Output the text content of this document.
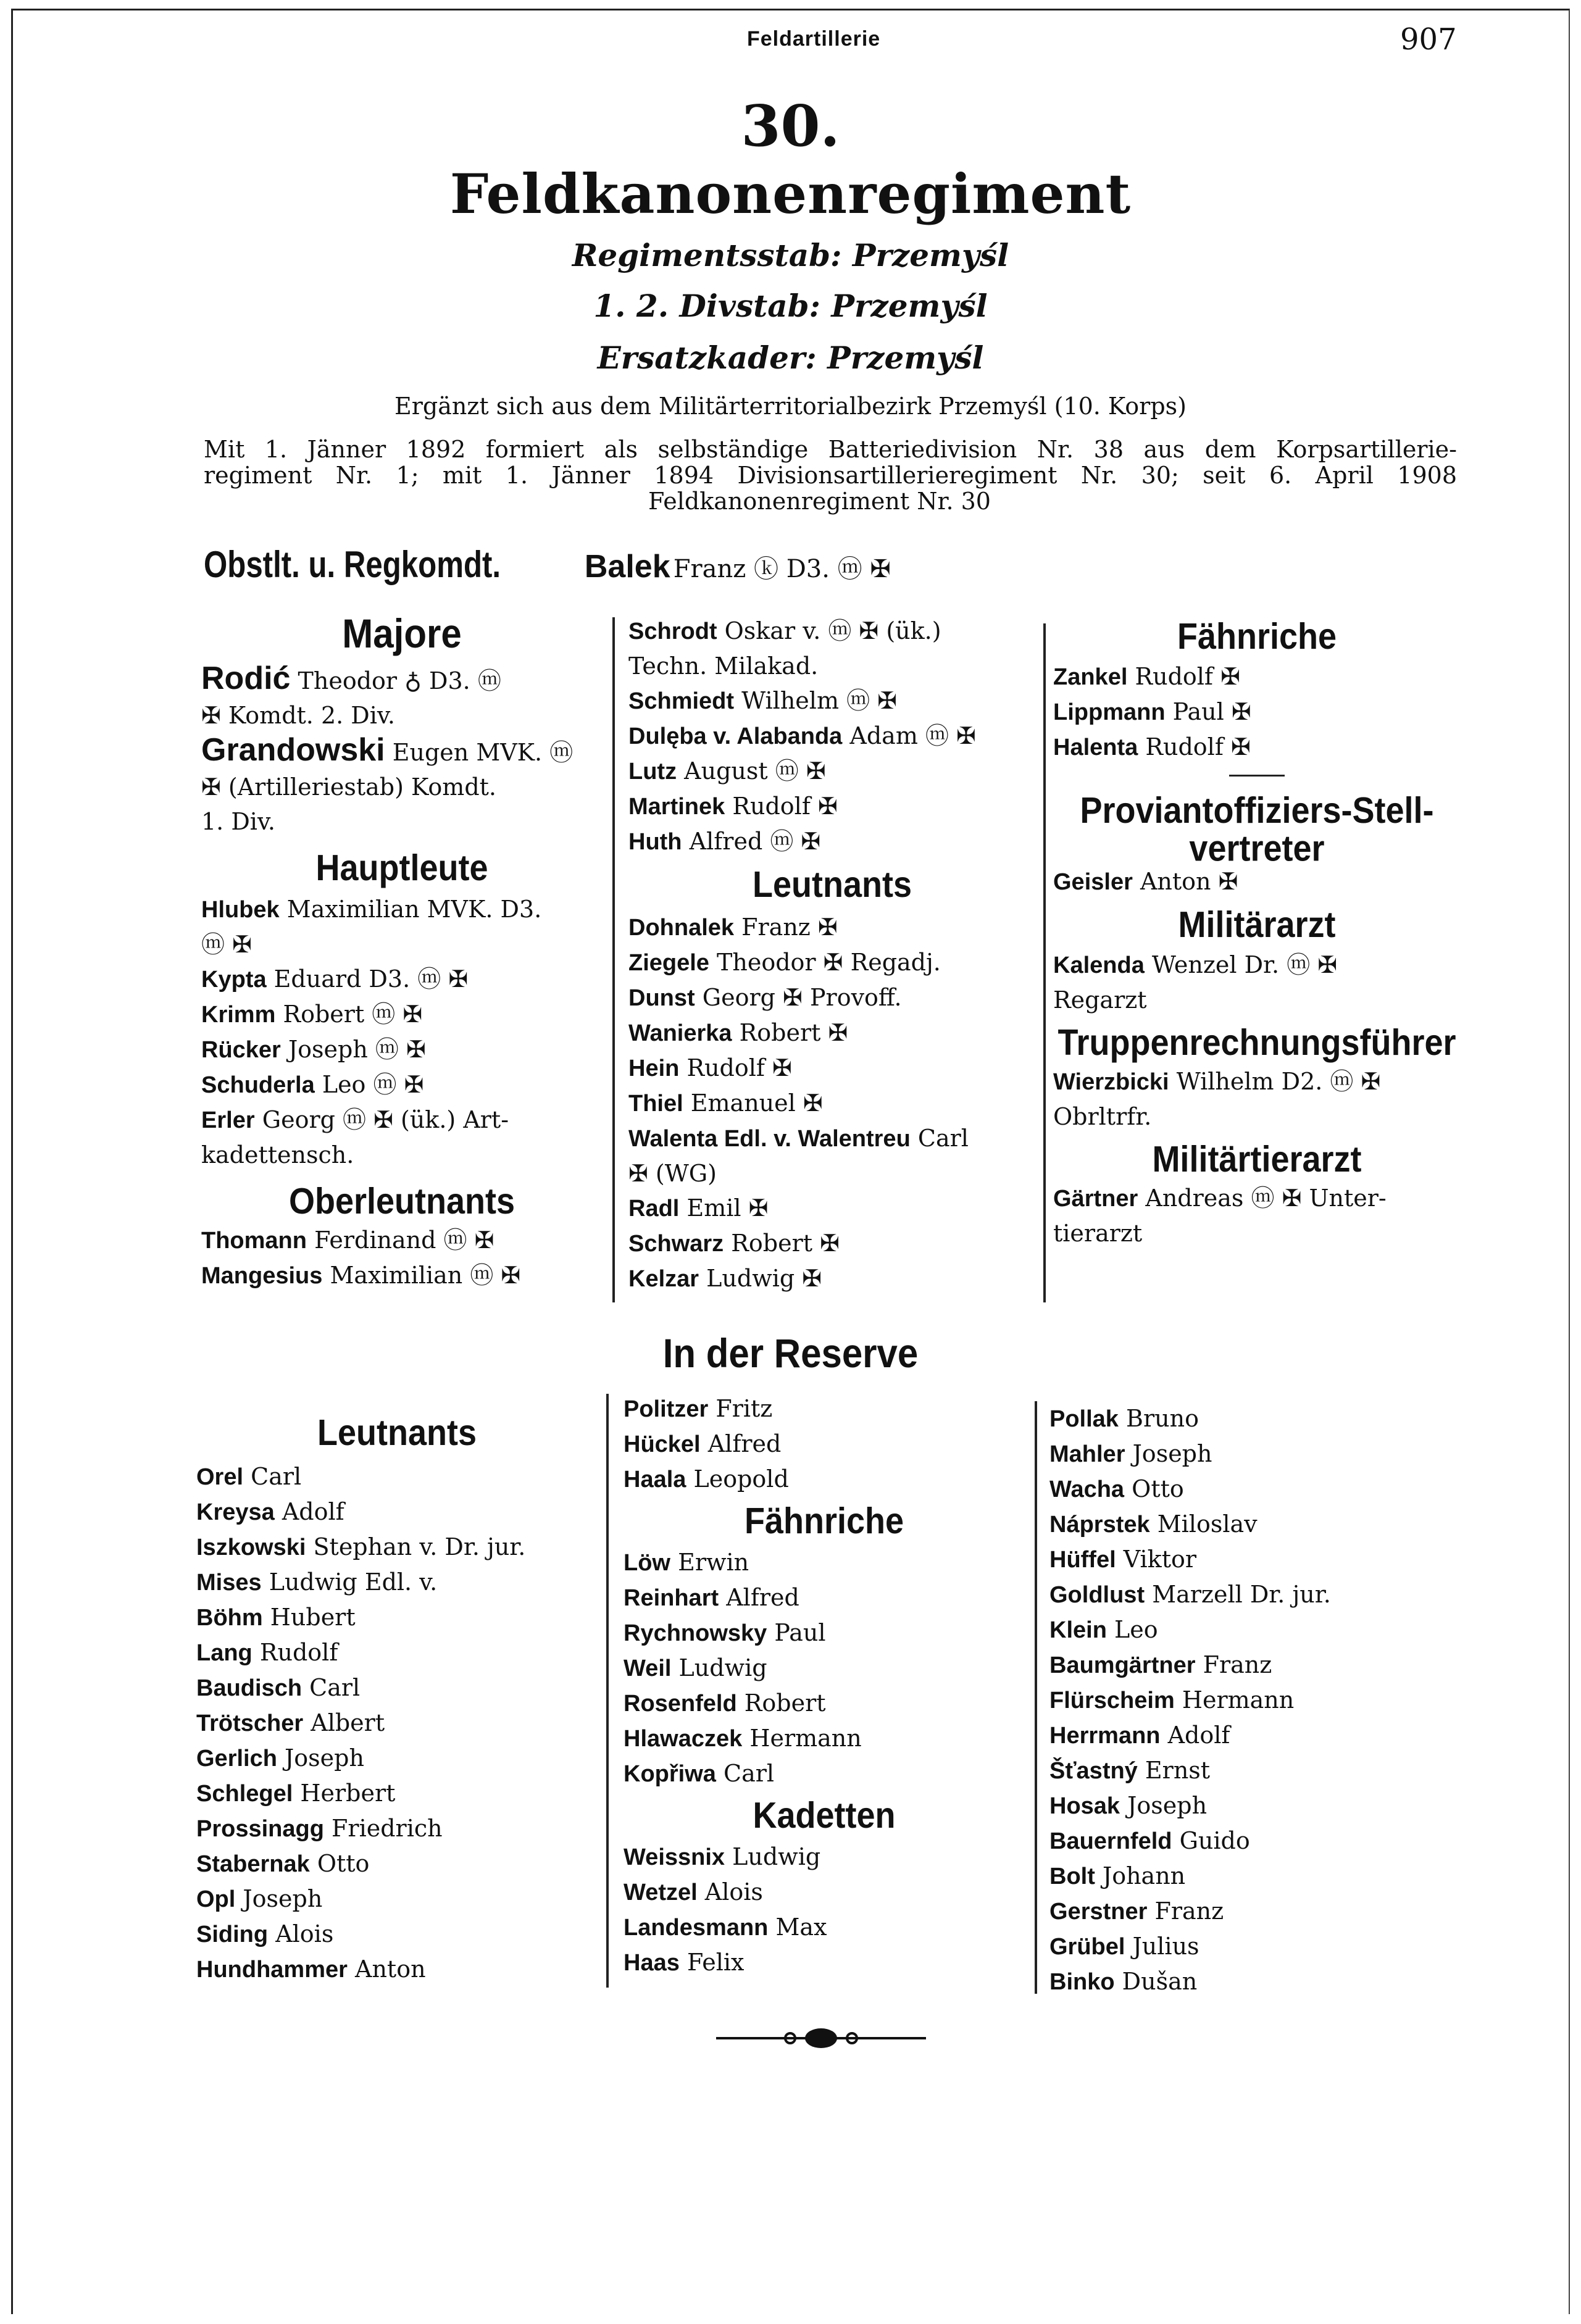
Feldartillerie	907
30.
Feldkanonenregiment
Regimentsstab: Przemyśl
1. 2. Divstab: Przemyśl
Ersatzkader: Przemyśl
Ergänzt sich aus dem Militärterritorialbezirk Przemyśl (10. Korps)
Mit 1. Jänner 1892 formiert als selbständige Batteriedivision Nr. 38 aus dem Korpsartillerie-
regiment Nr. 1; mit 1. Jänner 1894 Divisionsartillerieregiment Nr. 30; seit 6. April 1908
Feldkanonenregiment Nr. 30
Obstlt. u. Regkomdt.	Balek Franz ⓚ D3. ⓜ ✠
Majore
Rodić Theodor ♁ D3. ⓜ
✠ Komdt. 2. Div.
Grandowski Eugen MVK. ⓜ
✠ (Artilleriestab) Komdt.
1. Div.
Hauptleute
Hlubek Maximilian MVK. D3.
ⓜ ✠
Kypta Eduard D3. ⓜ ✠
Krimm Robert ⓜ ✠
Rücker Joseph ⓜ ✠
Schuderla Leo ⓜ ✠
Erler Georg ⓜ ✠ (ük.) Art-
kadettensch.
Oberleutnants
Thomann Ferdinand ⓜ ✠
Mangesius Maximilian ⓜ ✠
Schrodt Oskar v. ⓜ ✠ (ük.)
Techn. Milakad.
Schmiedt Wilhelm ⓜ ✠
Dulęba v. Alabanda Adam ⓜ ✠
Lutz August ⓜ ✠
Martinek Rudolf ✠
Huth Alfred ⓜ ✠
Leutnants
Dohnalek Franz ✠
Ziegele Theodor ✠ Regadj.
Dunst Georg ✠ Provoff.
Wanierka Robert ✠
Hein Rudolf ✠
Thiel Emanuel ✠
Walenta Edl. v. Walentreu Carl
✠ (WG)
Radl Emil ✠
Schwarz Robert ✠
Kelzar Ludwig ✠
Fähnriche
Zankel Rudolf ✠
Lippmann Paul ✠
Halenta Rudolf ✠
Proviantoffiziers-Stell-
vertreter
Geisler Anton ✠
Militärarzt
Kalenda Wenzel Dr. ⓜ ✠
Regarzt
Truppenrechnungsführer
Wierzbicki Wilhelm D2. ⓜ ✠
Obrltrfr.
Militärtierarzt
Gärtner Andreas ⓜ ✠ Unter-
tierarzt
In der Reserve
Leutnants
Orel Carl
Kreysa Adolf
Iszkowski Stephan v. Dr. jur.
Mises Ludwig Edl. v.
Böhm Hubert
Lang Rudolf
Baudisch Carl
Trötscher Albert
Gerlich Joseph
Schlegel Herbert
Prossinagg Friedrich
Stabernak Otto
Opl Joseph
Siding Alois
Hundhammer Anton
Politzer Fritz
Hückel Alfred
Haala Leopold
Fähnriche
Löw Erwin
Reinhart Alfred
Rychnowsky Paul
Weil Ludwig
Rosenfeld Robert
Hlawaczek Hermann
Kopřiwa Carl
Kadetten
Weissnix Ludwig
Wetzel Alois
Landesmann Max
Haas Felix
Pollak Bruno
Mahler Joseph
Wacha Otto
Náprstek Miloslav
Hüffel Viktor
Goldlust Marzell Dr. jur.
Klein Leo
Baumgärtner Franz
Flürscheim Hermann
Herrmann Adolf
Šťastný Ernst
Hosak Joseph
Bauernfeld Guido
Bolt Johann
Gerstner Franz
Grübel Julius
Binko Dušan
